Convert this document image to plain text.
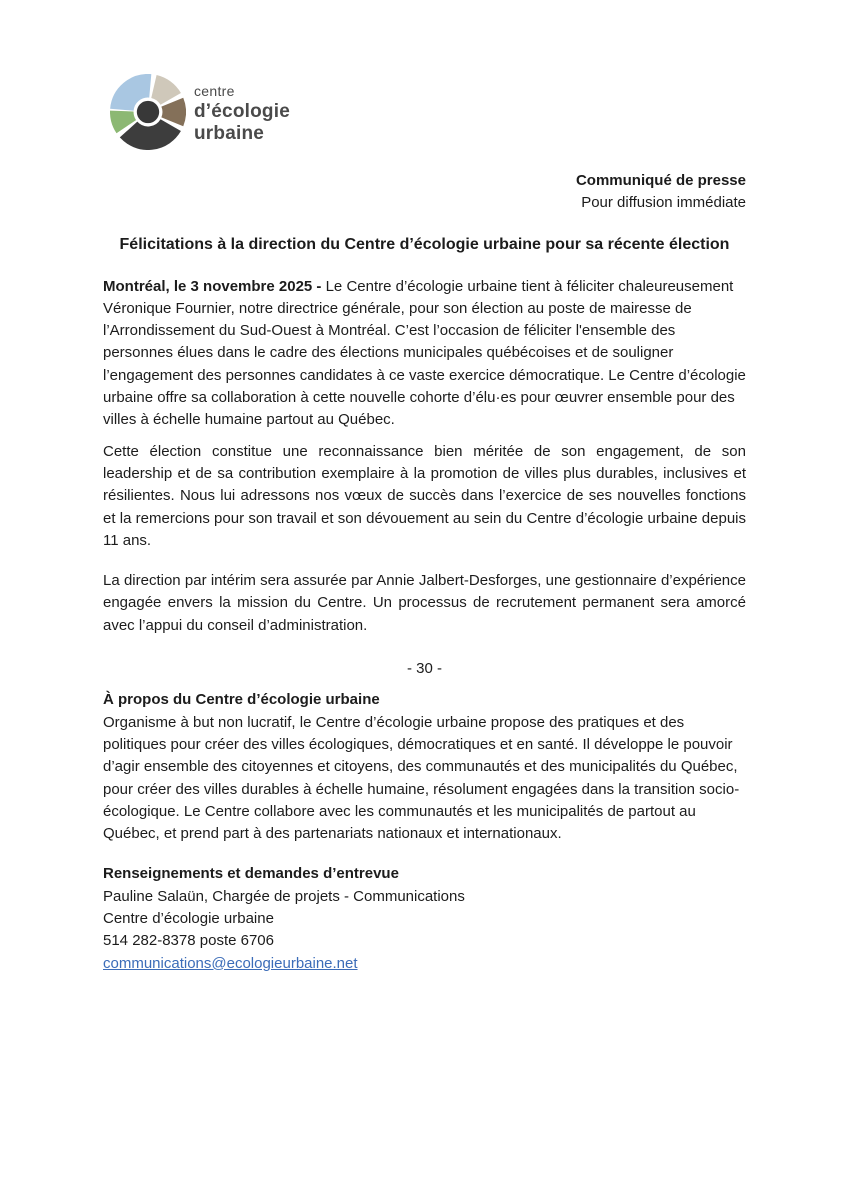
centre
d’écologie
urbaine
Communiqué de presse
Pour diffusion immédiate
Félicitations à la direction du Centre d’écologie urbaine pour sa récente élection

Montréal, le 3 novembre 2025 - Le Centre d’écologie urbaine tient à féliciter chaleureusement Véronique Fournier, notre directrice générale, pour son élection au poste de mairesse de l’Arrondissement du Sud-Ouest à Montréal. C’est l’occasion de féliciter l'ensemble des personnes élues dans le cadre des élections municipales québécoises et de souligner l’engagement des personnes candidates à ce vaste exercice démocratique. Le Centre d’écologie urbaine offre sa collaboration à cette nouvelle cohorte d’élu·es pour œuvrer ensemble pour des villes à échelle humaine partout au Québec.

Cette élection constitue une reconnaissance bien méritée de son engagement, de son leadership et de sa contribution exemplaire à la promotion de villes plus durables, inclusives et résilientes. Nous lui adressons nos vœux de succès dans l’exercice de ses nouvelles fonctions et la remercions pour son travail et son dévouement au sein du Centre d’écologie urbaine depuis 11 ans.

La direction par intérim sera assurée par Annie Jalbert-Desforges, une gestionnaire d’expérience engagée envers la mission du Centre. Un processus de recrutement permanent sera amorcé avec l’appui du conseil d’administration.

- 30 -
À propos du Centre d’écologie urbaine

Organisme à but non lucratif, le Centre d’écologie urbaine propose des pratiques et des politiques pour créer des villes écologiques, démocratiques et en santé. Il développe le pouvoir d’agir ensemble des citoyennes et citoyens, des communautés et des municipalités du Québec, pour créer des villes durables à échelle humaine, résolument engagées dans la transition socio-écologique. Le Centre collabore avec les communautés et les municipalités de partout au Québec, et prend part à des partenariats nationaux et internationaux.

Renseignements et demandes d’entrevue
Pauline Salaün, Chargée de projets - Communications
Centre d’écologie urbaine
514 282-8378 poste 6706
communications@ecologieurbaine.net
